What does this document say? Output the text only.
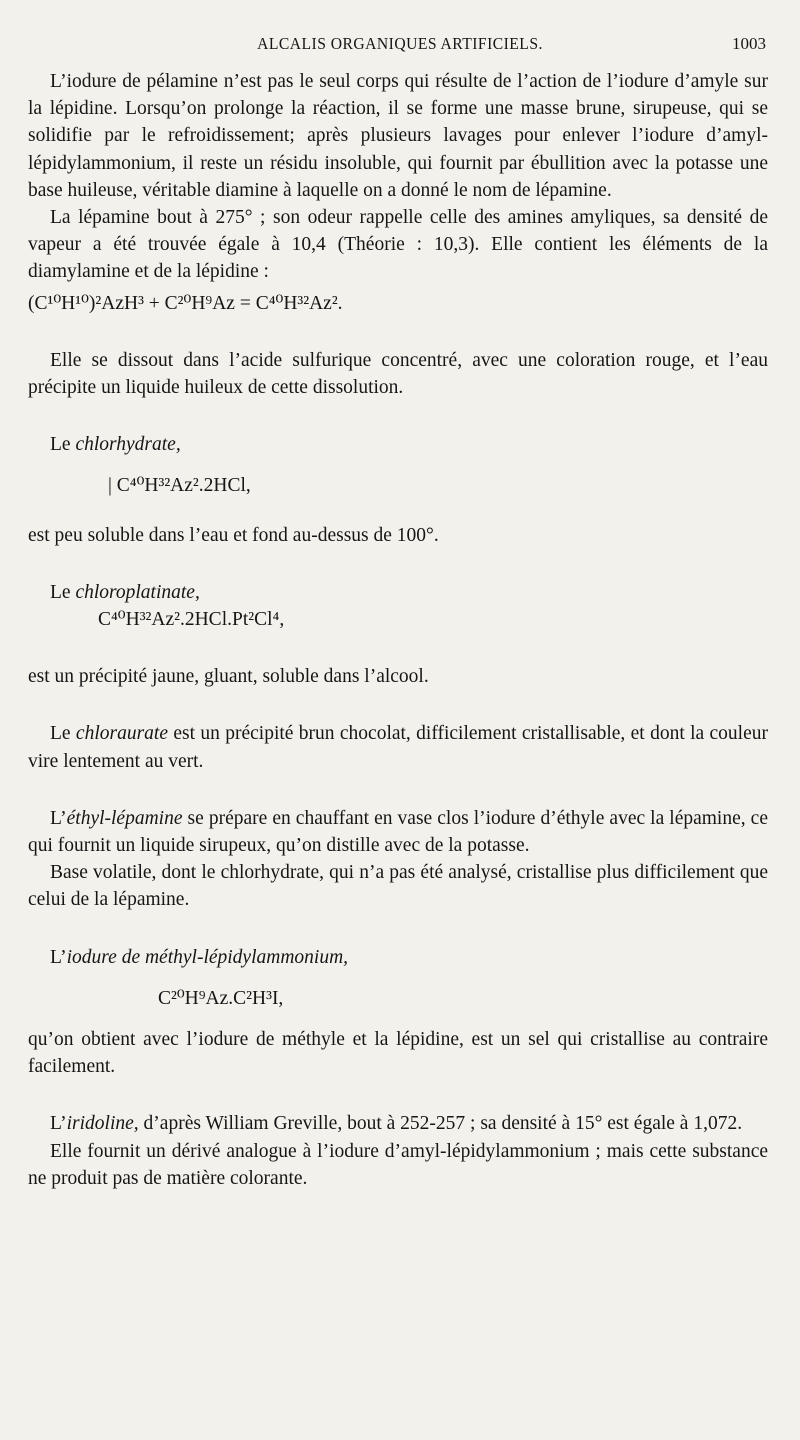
ALCALIS ORGANIQUES ARTIFICIELS.	1003

L’iodure de pélamine n’est pas le seul corps qui résulte de l’action de l’iodure d’amyle sur la lépidine. Lorsqu’on prolonge la réaction, il se forme une masse brune, sirupeuse, qui se solidifie par le refroidissement; après plusieurs lavages pour enlever l’iodure d’amyl-lépidylammonium, il reste un résidu insoluble, qui fournit par ébullition avec la potasse une base huileuse, véritable diamine à laquelle on a donné le nom de lépamine.

La lépamine bout à 275° ; son odeur rappelle celle des amines amyliques, sa densité de vapeur a été trouvée égale à 10,4 (Théorie : 10,3). Elle contient les éléments de la diamylamine et de la lépidine :

(C¹⁰H¹⁰)²AzH³ + C²⁰H⁹Az = C⁴⁰H³²Az².

Elle se dissout dans l’acide sulfurique concentré, avec une coloration rouge, et l’eau précipite un liquide huileux de cette dissolution.

Le chlorhydrate,

| C⁴⁰H³²Az².2HCl,

est peu soluble dans l’eau et fond au-dessus de 100°.

Le chloroplatinate,

C⁴⁰H³²Az².2HCl.Pt²Cl⁴,

est un précipité jaune, gluant, soluble dans l’alcool.

Le chloraurate est un précipité brun chocolat, difficilement cristallisable, et dont la couleur vire lentement au vert.

L’éthyl-lépamine se prépare en chauffant en vase clos l’iodure d’éthyle avec la lépamine, ce qui fournit un liquide sirupeux, qu’on distille avec de la potasse.

Base volatile, dont le chlorhydrate, qui n’a pas été analysé, cristallise plus difficilement que celui de la lépamine.

L’iodure de méthyl-lépidylammonium,

C²⁰H⁹Az.C²H³I,

qu’on obtient avec l’iodure de méthyle et la lépidine, est un sel qui cristallise au contraire facilement.

L’iridoline, d’après William Greville, bout à 252-257 ; sa densité à 15° est égale à 1,072.

Elle fournit un dérivé analogue à l’iodure d’amyl-lépidylammonium ; mais cette substance ne produit pas de matière colorante.
